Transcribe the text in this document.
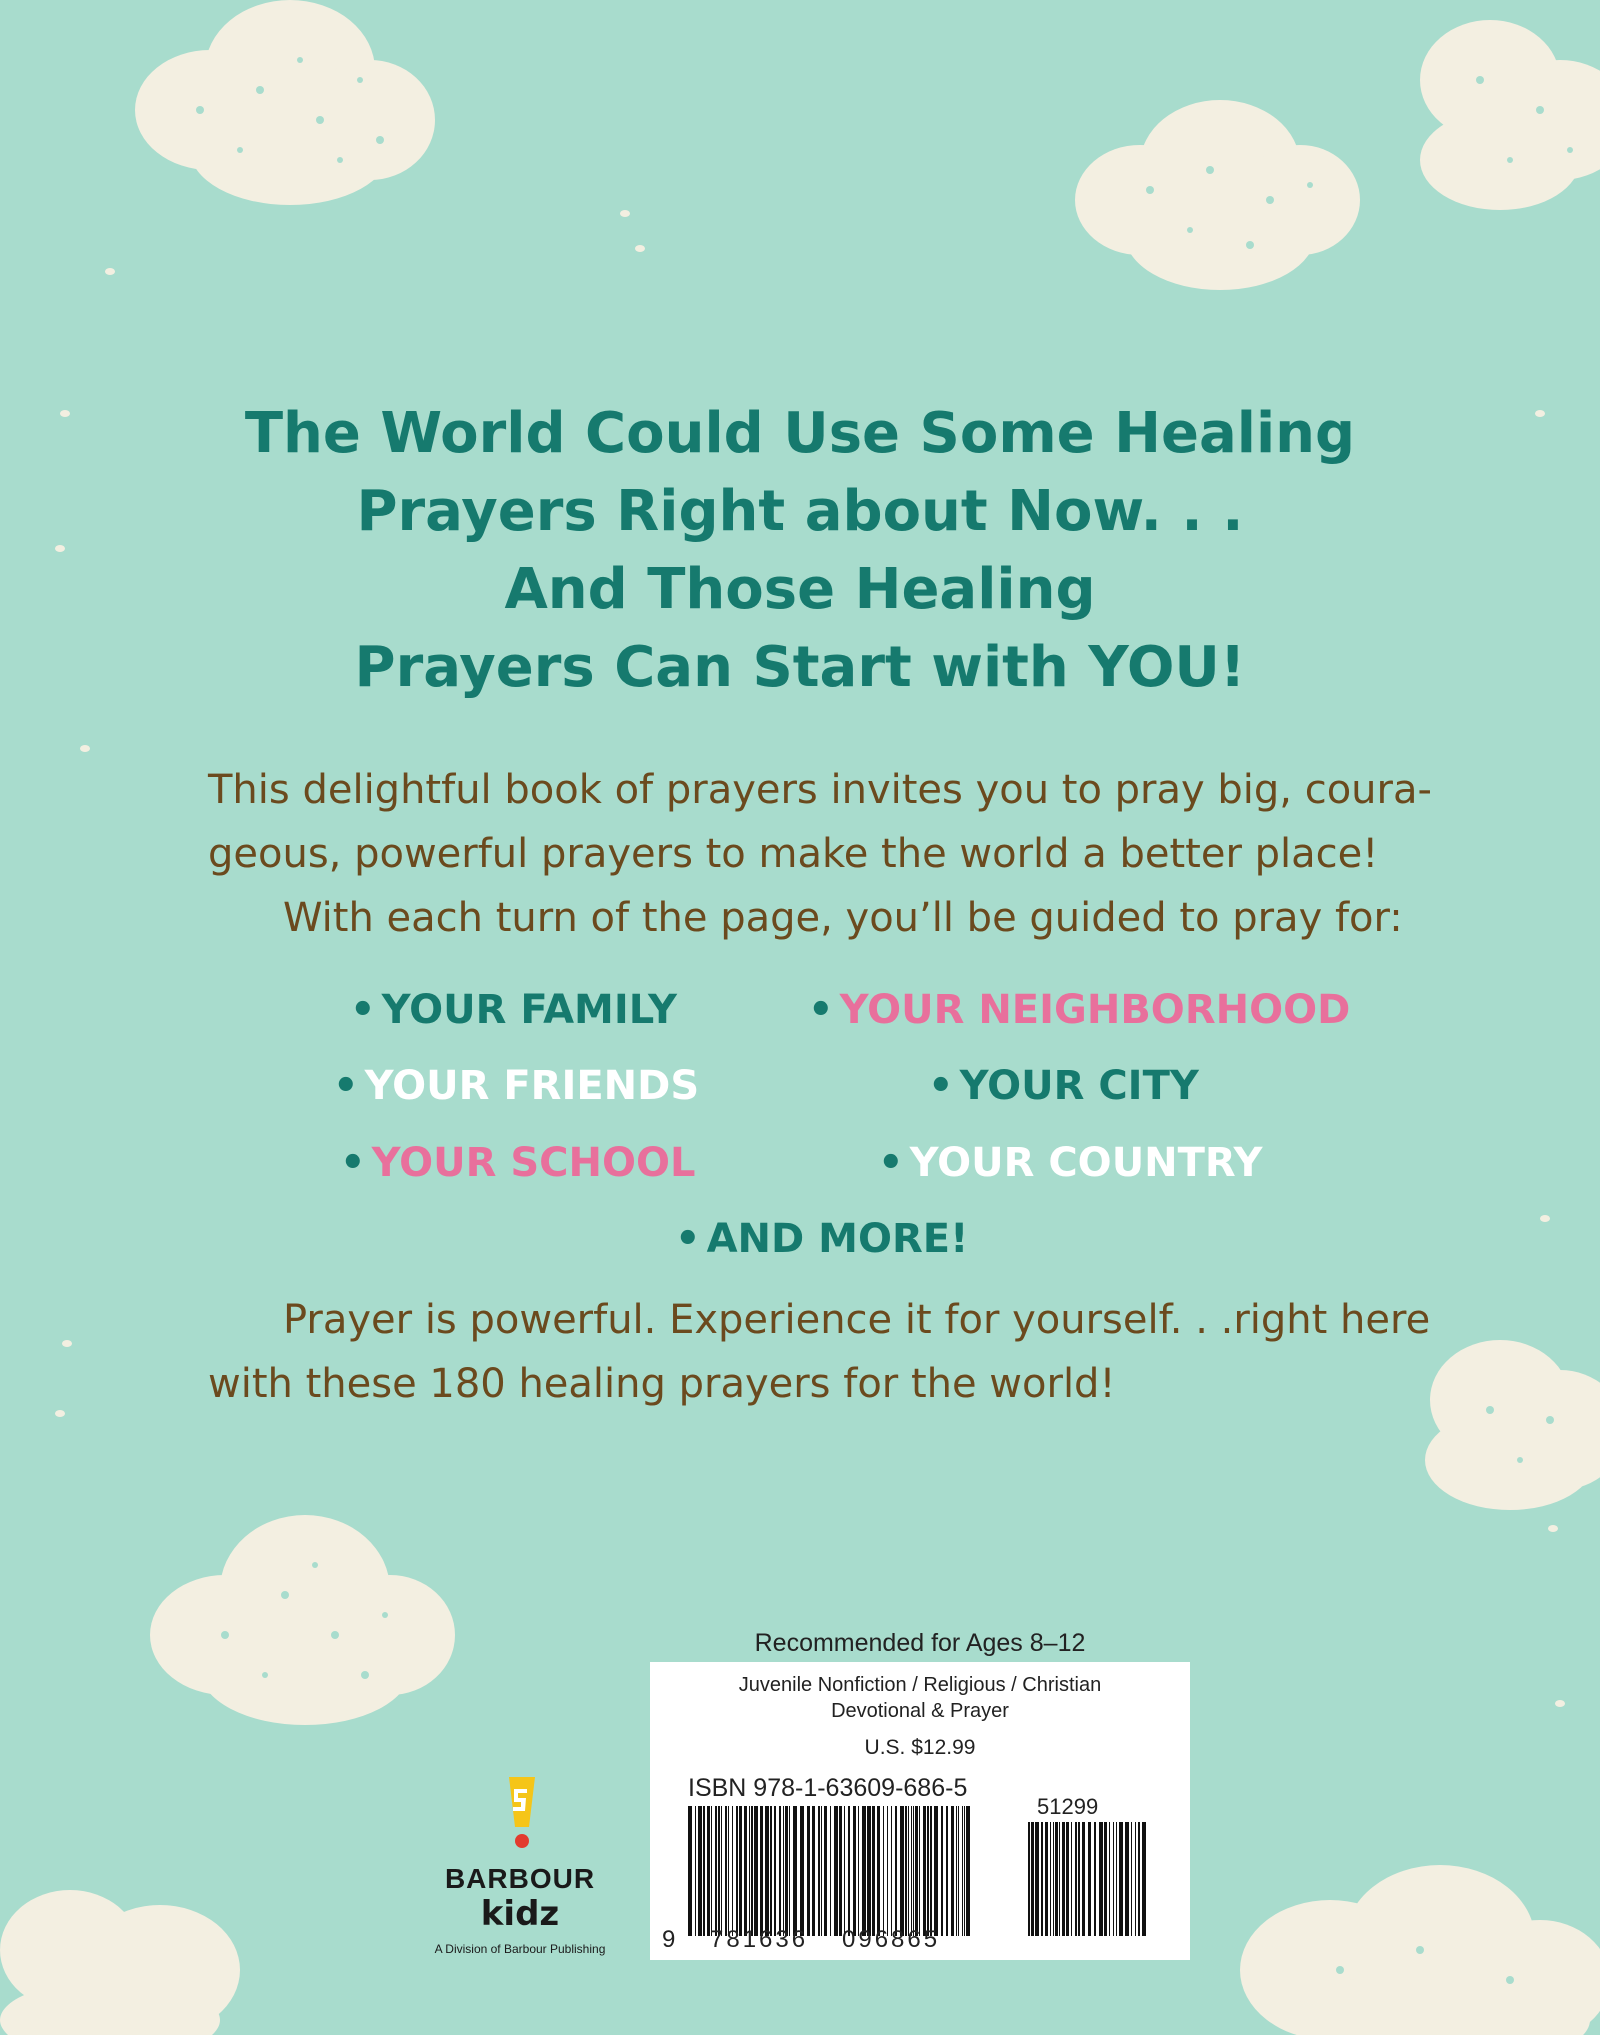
The World Could Use Some Healing
Prayers Right about Now. . .
And Those Healing
Prayers Can Start with YOU!
This delightful book of prayers invites you to pray big, coura-
geous, powerful prayers to make the world a better place!
With each turn of the page, you’ll be guided to pray for:
• YOUR FAMILY	• YOUR NEIGHBORHOOD
• YOUR FRIENDS	• YOUR CITY
• YOUR SCHOOL	• YOUR COUNTRY
• AND MORE!
Prayer is powerful. Experience it for yourself. . .right here
with these 180 healing prayers for the world!
Recommended for Ages 8–12
Juvenile Nonfiction / Religious / Christian
Devotional & Prayer
U.S. $12.99
ISBN 978-1-63609-686-5
51299
9 781636 096865
BARBOUR
kidz
A Division of Barbour Publishing
